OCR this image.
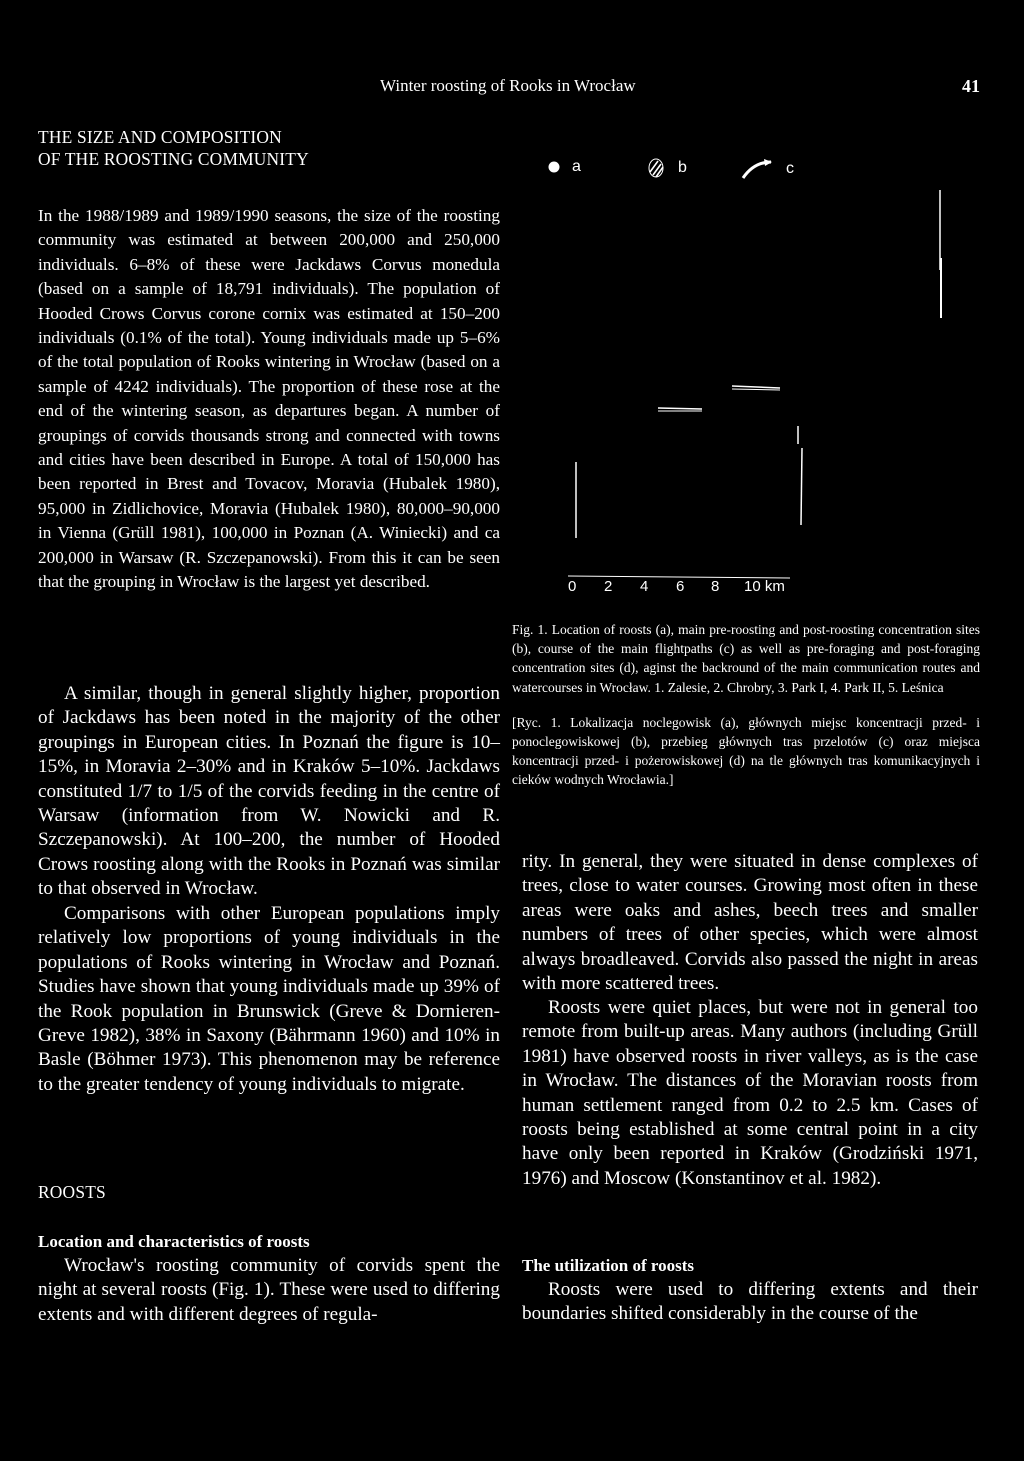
Winter roosting of Rooks in Wrocław	41
THE SIZE AND COMPOSITION
OF THE ROOSTING COMMUNITY

In the 1988/1989 and 1989/1990 seasons, the size of the roosting community was estimated at between 200,000 and 250,000 individuals. 6–8% of these were Jackdaws Corvus monedula (based on a sample of 18,791 individuals). The population of Hooded Crows Corvus corone cornix was estimated at 150–200 individuals (0.1% of the total). Young individuals made up 5–6% of the total population of Rooks wintering in Wrocław (based on a sample of 4242 individuals). The proportion of these rose at the end of the wintering season, as departures began. A number of groupings of corvids thousands strong and connected with towns and cities have been described in Europe. A total of 150,000 has been reported in Brest and Tovacov, Moravia (Hubalek 1980), 95,000 in Zidlichovice, Moravia (Hubalek 1980), 80,000–90,000 in Vienna (Grüll 1981), 100,000 in Poznan (A. Winiecki) and ca 200,000 in Warsaw (R. Szczepanowski). From this it can be seen that the grouping in Wrocław is the largest yet described.

A similar, though in general slightly higher, proportion of Jackdaws has been noted in the majority of the other groupings in European cities. In Poznań the figure is 10–15%, in Moravia 2–30% and in Kraków 5–10%. Jackdaws constituted 1/7 to 1/5 of the corvids feeding in the centre of Warsaw (information from W. Nowicki and R. Szczepanowski). At 100–200, the number of Hooded Crows roosting along with the Rooks in Poznań was similar to that observed in Wrocław.

Comparisons with other European populations imply relatively low proportions of young individuals in the populations of Rooks wintering in Wrocław and Poznań. Studies have shown that young individuals made up 39% of the Rook population in Brunswick (Greve & Dornieren-Greve 1982), 38% in Saxony (Bährmann 1960) and 10% in Basle (Böhmer 1973). This phenomenon may be reference to the greater tendency of young individuals to migrate.

ROOSTS
Location and characteristics of roosts

Wrocław's roosting community of corvids spent the night at several roosts (Fig. 1). These were used to differing extents and with different degrees of regula-

a	b	c
0 2 4 6 8 10 km

Fig. 1. Location of roosts (a), main pre-roosting and post-roosting concentration sites (b), course of the main flightpaths (c) as well as pre-foraging and post-foraging concentration sites (d), aginst the backround of the main communication routes and watercourses in Wrocław. 1. Zalesie, 2. Chrobry, 3. Park I, 4. Park II, 5. Leśnica

[Ryc. 1. Lokalizacja noclegowisk (a), głównych miejsc koncentracji przed- i ponoclegowiskowej (b), przebieg głównych tras przelotów (c) oraz miejsca koncentracji przed- i pożerowiskowej (d) na tle głównych tras komunikacyjnych i cieków wodnych Wrocławia.]

rity. In general, they were situated in dense complexes of trees, close to water courses. Growing most often in these areas were oaks and ashes, beech trees and smaller numbers of trees of other species, which were almost always broadleaved. Corvids also passed the night in areas with more scattered trees.

Roosts were quiet places, but were not in general too remote from built-up areas. Many authors (including Grüll 1981) have observed roosts in river valleys, as is the case in Wrocław. The distances of the Moravian roosts from human settlement ranged from 0.2 to 2.5 km. Cases of roosts being established at some central point in a city have only been reported in Kraków (Grodziński 1971, 1976) and Moscow (Konstantinov et al. 1982).

The utilization of roosts

Roosts were used to differing extents and their boundaries shifted considerably in the course of the
